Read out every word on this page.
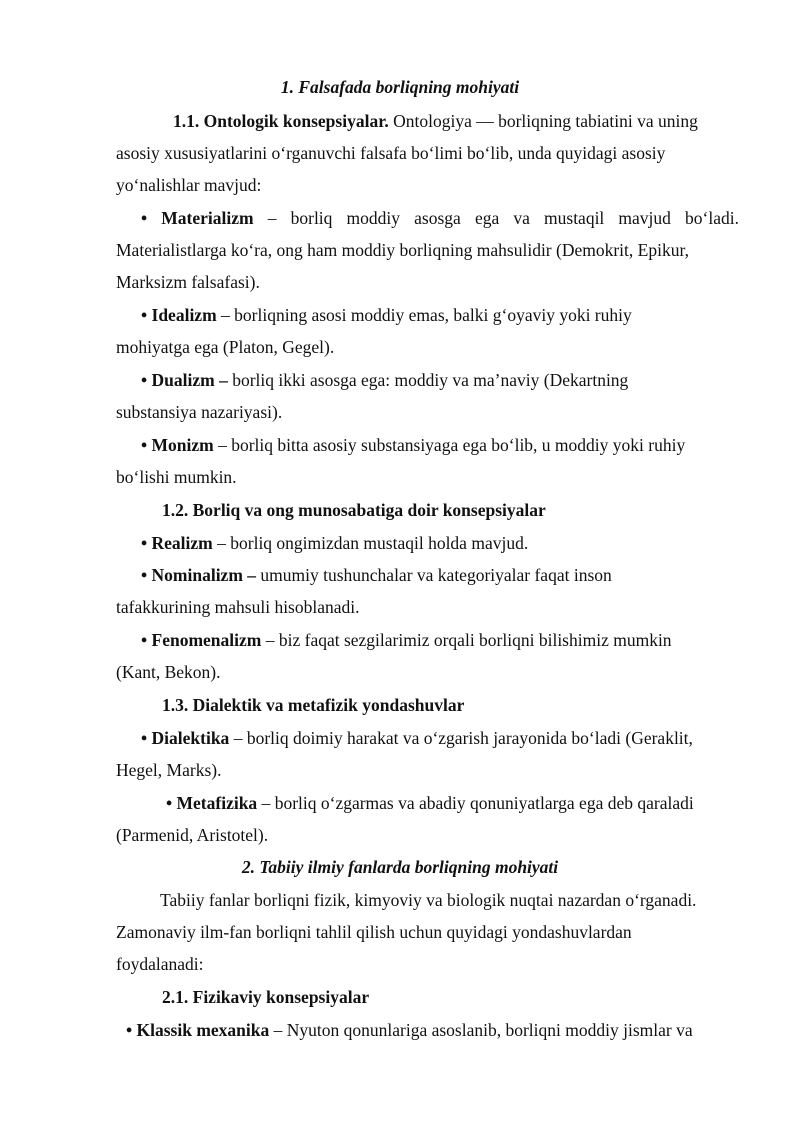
1. Falsafada borliqning mohiyati
1.1. Ontologik konsepsiyalar. Ontologiya — borliqning tabiatini va uning
asosiy xususiyatlarini o‘rganuvchi falsafa bo‘limi bo‘lib, unda quyidagi asosiy
yo‘nalishlar mavjud:
• Materializm – borliq moddiy asosga ega va mustaqil mavjud bo‘ladi.
Materialistlarga ko‘ra, ong ham moddiy borliqning mahsulidir (Demokrit, Epikur,
Marksizm falsafasi).
• Idealizm – borliqning asosi moddiy emas, balki g‘oyaviy yoki ruhiy
mohiyatga ega (Platon, Gegel).
• Dualizm – borliq ikki asosga ega: moddiy va ma’naviy (Dekartning
substansiya nazariyasi).
• Monizm – borliq bitta asosiy substansiyaga ega bo‘lib, u moddiy yoki ruhiy
bo‘lishi mumkin.
1.2. Borliq va ong munosabatiga doir konsepsiyalar
• Realizm – borliq ongimizdan mustaqil holda mavjud.
• Nominalizm – umumiy tushunchalar va kategoriyalar faqat inson
tafakkurining mahsuli hisoblanadi.
• Fenomenalizm – biz faqat sezgilarimiz orqali borliqni bilishimiz mumkin
(Kant, Bekon).
1.3. Dialektik va metafizik yondashuvlar
• Dialektika – borliq doimiy harakat va o‘zgarish jarayonida bo‘ladi (Geraklit,
Hegel, Marks).
• Metafizika – borliq o‘zgarmas va abadiy qonuniyatlarga ega deb qaraladi
(Parmenid, Aristotel).
2. Tabiiy ilmiy fanlarda borliqning mohiyati
Tabiiy fanlar borliqni fizik, kimyoviy va biologik nuqtai nazardan o‘rganadi.
Zamonaviy ilm-fan borliqni tahlil qilish uchun quyidagi yondashuvlardan
foydalanadi:
2.1. Fizikaviy konsepsiyalar
• Klassik mexanika – Nyuton qonunlariga asoslanib, borliqni moddiy jismlar va
